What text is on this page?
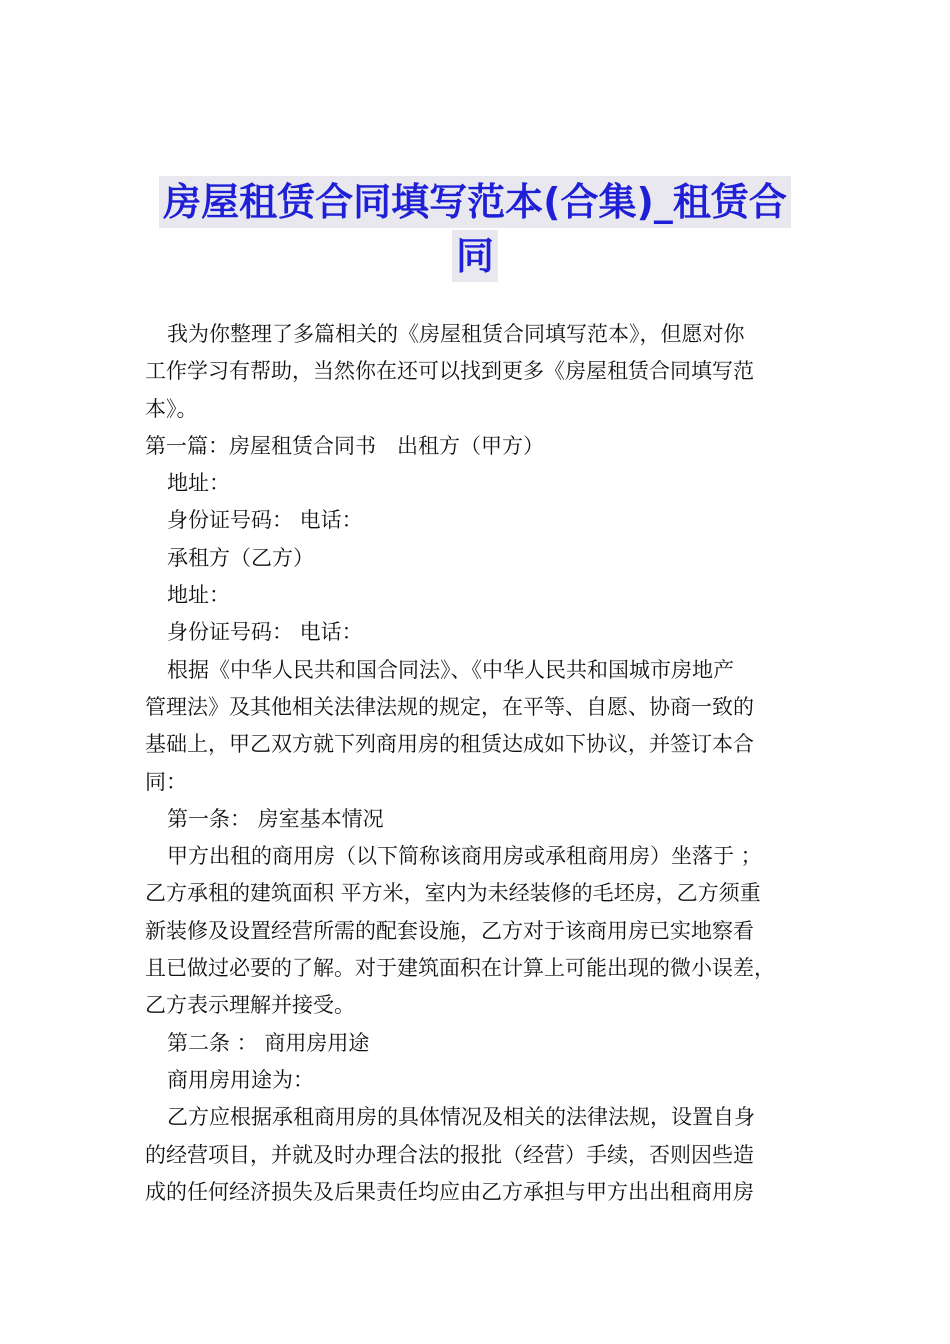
房屋租赁合同填写范本(合集)_租赁合
同

我为你整理了多篇相关的《房屋租赁合同填写范本》，但愿对你

工作学习有帮助，当然你在还可以找到更多《房屋租赁合同填写范

本》。

第一篇：房屋租赁合同书　出租方（甲方）

地址：

身份证号码： 电话：

承租方（乙方）

地址：

身份证号码： 电话：

根据《中华人民共和国合同法》、《中华人民共和国城市房地产

管理法》及其他相关法律法规的规定，在平等、自愿、协商一致的

基础上，甲乙双方就下列商用房的租赁达成如下协议，并签订本合

同：

第一条： 房室基本情况

甲方出租的商用房（以下简称该商用房或承租商用房）坐落于 ；

乙方承租的建筑面积 平方米，室内为未经装修的毛坯房，乙方须重

新装修及设置经营所需的配套设施，乙方对于该商用房已实地察看

且已做过必要的了解。对于建筑面积在计算上可能出现的微小误差，

乙方表示理解并接受。

第二条 ： 商用房用途

商用房用途为：

乙方应根据承租商用房的具体情况及相关的法律法规，设置自身

的经营项目，并就及时办理合法的报批（经营）手续，否则因些造

成的任何经济损失及后果责任均应由乙方承担与甲方出出租商用房
